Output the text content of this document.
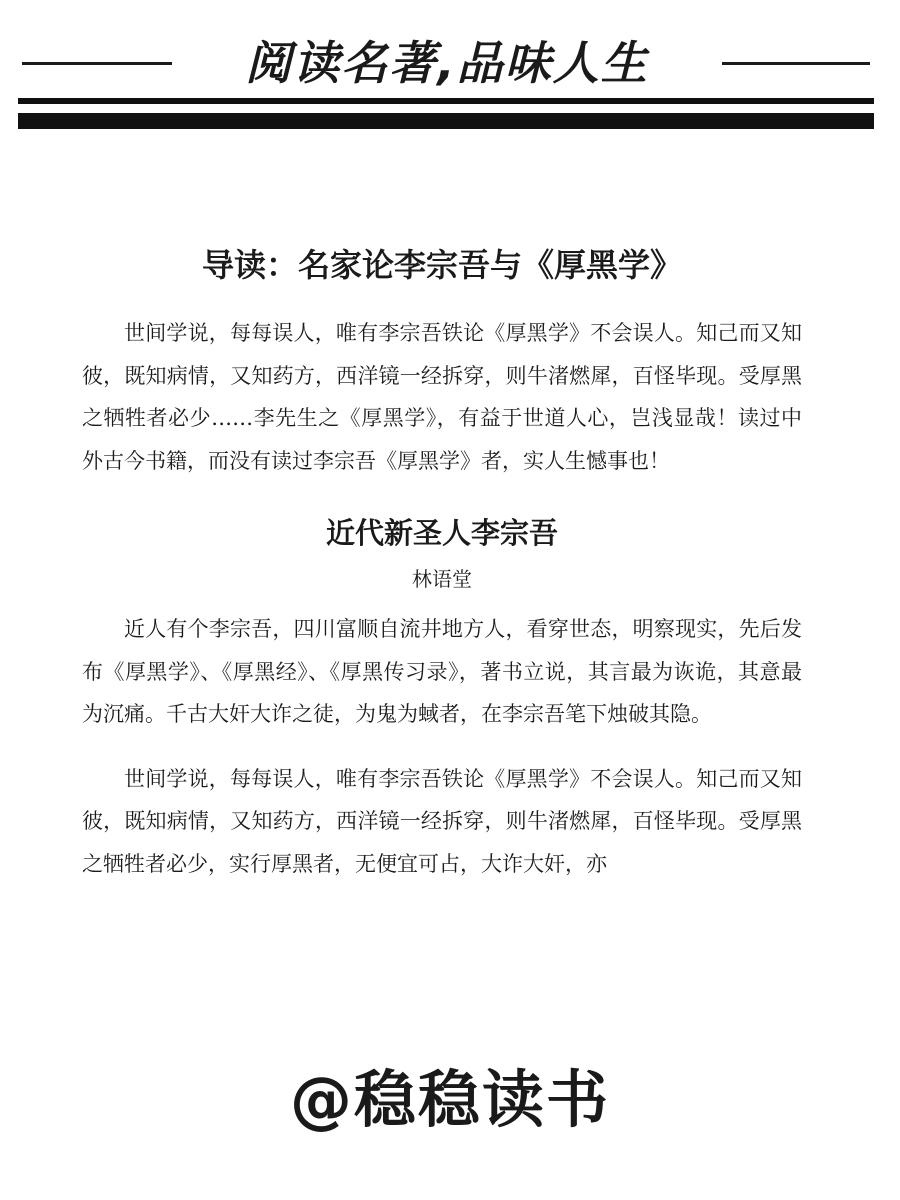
阅读名著,品味人生
导读：名家论李宗吾与《厚黑学》

世间学说，每每误人，唯有李宗吾铁论《厚黑学》不会误人。知己而又知彼，既知病情，又知药方，西洋镜一经拆穿，则牛渚燃犀，百怪毕现。受厚黑之牺牲者必少……李先生之《厚黑学》，有益于世道人心，岂浅显哉！读过中外古今书籍，而没有读过李宗吾《厚黑学》者，实人生憾事也！

近代新圣人李宗吾
林语堂

近人有个李宗吾，四川富顺自流井地方人，看穿世态，明察现实，先后发布《厚黑学》、《厚黑经》、《厚黑传习录》，著书立说，其言最为诙诡，其意最为沉痛。千古大奸大诈之徒，为鬼为蜮者，在李宗吾笔下烛破其隐。

世间学说，每每误人，唯有李宗吾铁论《厚黑学》不会误人。知己而又知彼，既知病情，又知药方，西洋镜一经拆穿，则牛渚燃犀，百怪毕现。受厚黑之牺牲者必少，实行厚黑者，无便宜可占，大诈大奸，亦

@稳稳读书
